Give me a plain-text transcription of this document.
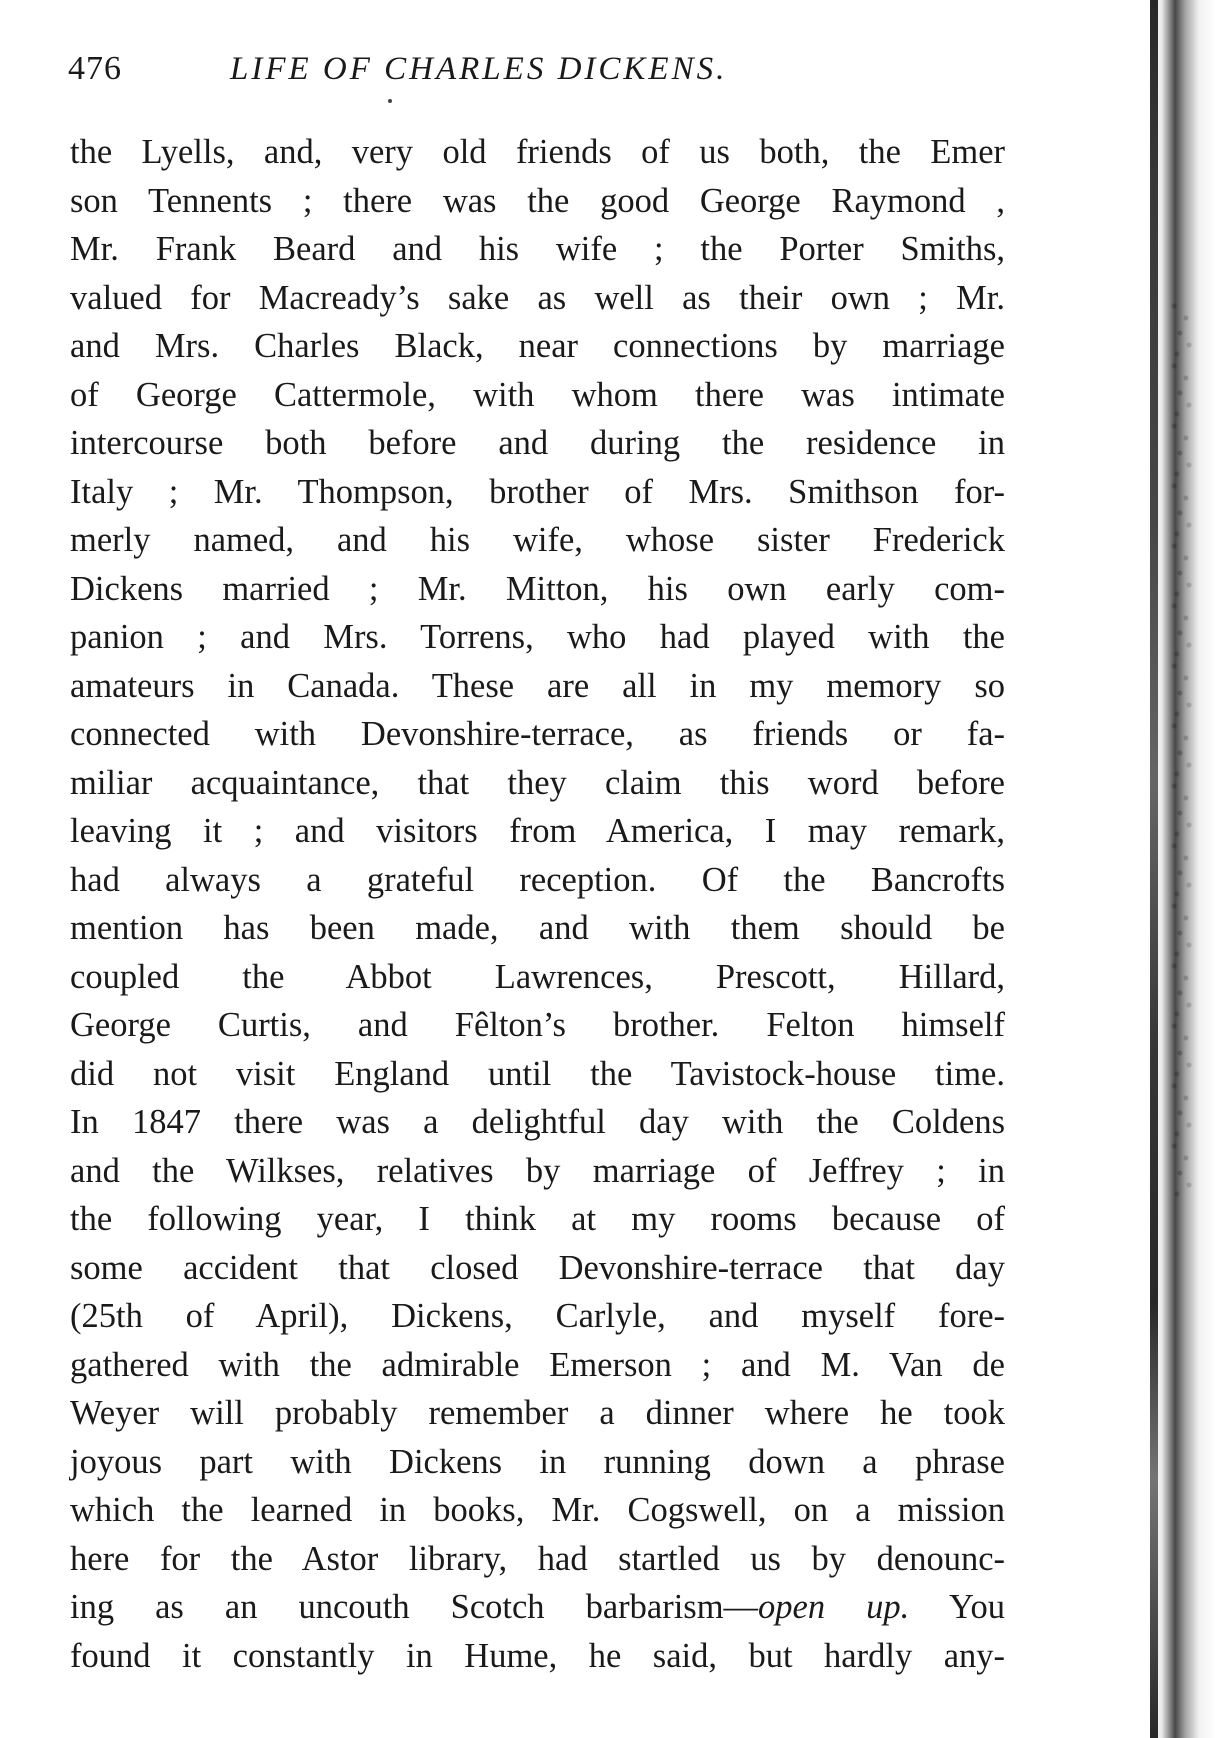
476	LIFE OF CHARLES DICKENS.
the Lyells, and, very old friends of us both, the Emer
son Tennents ; there was the good George Raymond ,
Mr. Frank Beard and his wife ; the Porter Smiths,
valued for Macready’s sake as well as their own ; Mr.
and Mrs. Charles Black, near connections by marriage
of George Cattermole, with whom there was intimate
intercourse both before and during the residence in
Italy ; Mr. Thompson, brother of Mrs. Smithson for-
merly named, and his wife, whose sister Frederick
Dickens married ; Mr. Mitton, his own early com-
panion ; and Mrs. Torrens, who had played with the
amateurs in Canada. These are all in my memory so
connected with Devonshire-terrace, as friends or fa-
miliar acquaintance, that they claim this word before
leaving it ; and visitors from America, I may remark,
had always a grateful reception. Of the Bancrofts
mention has been made, and with them should be
coupled the Abbot Lawrences, Prescott, Hillard,
George Curtis, and Fêlton’s brother. Felton himself
did not visit England until the Tavistock-house time.
In 1847 there was a delightful day with the Coldens
and the Wilkses, relatives by marriage of Jeffrey ; in
the following year, I think at my rooms because of
some accident that closed Devonshire-terrace that day
(25th of April), Dickens, Carlyle, and myself fore-
gathered with the admirable Emerson ; and M. Van de
Weyer will probably remember a dinner where he took
joyous part with Dickens in running down a phrase
which the learned in books, Mr. Cogswell, on a mission
here for the Astor library, had startled us by denounc-
ing as an uncouth Scotch barbarism—open up. You
found it constantly in Hume, he said, but hardly any-
